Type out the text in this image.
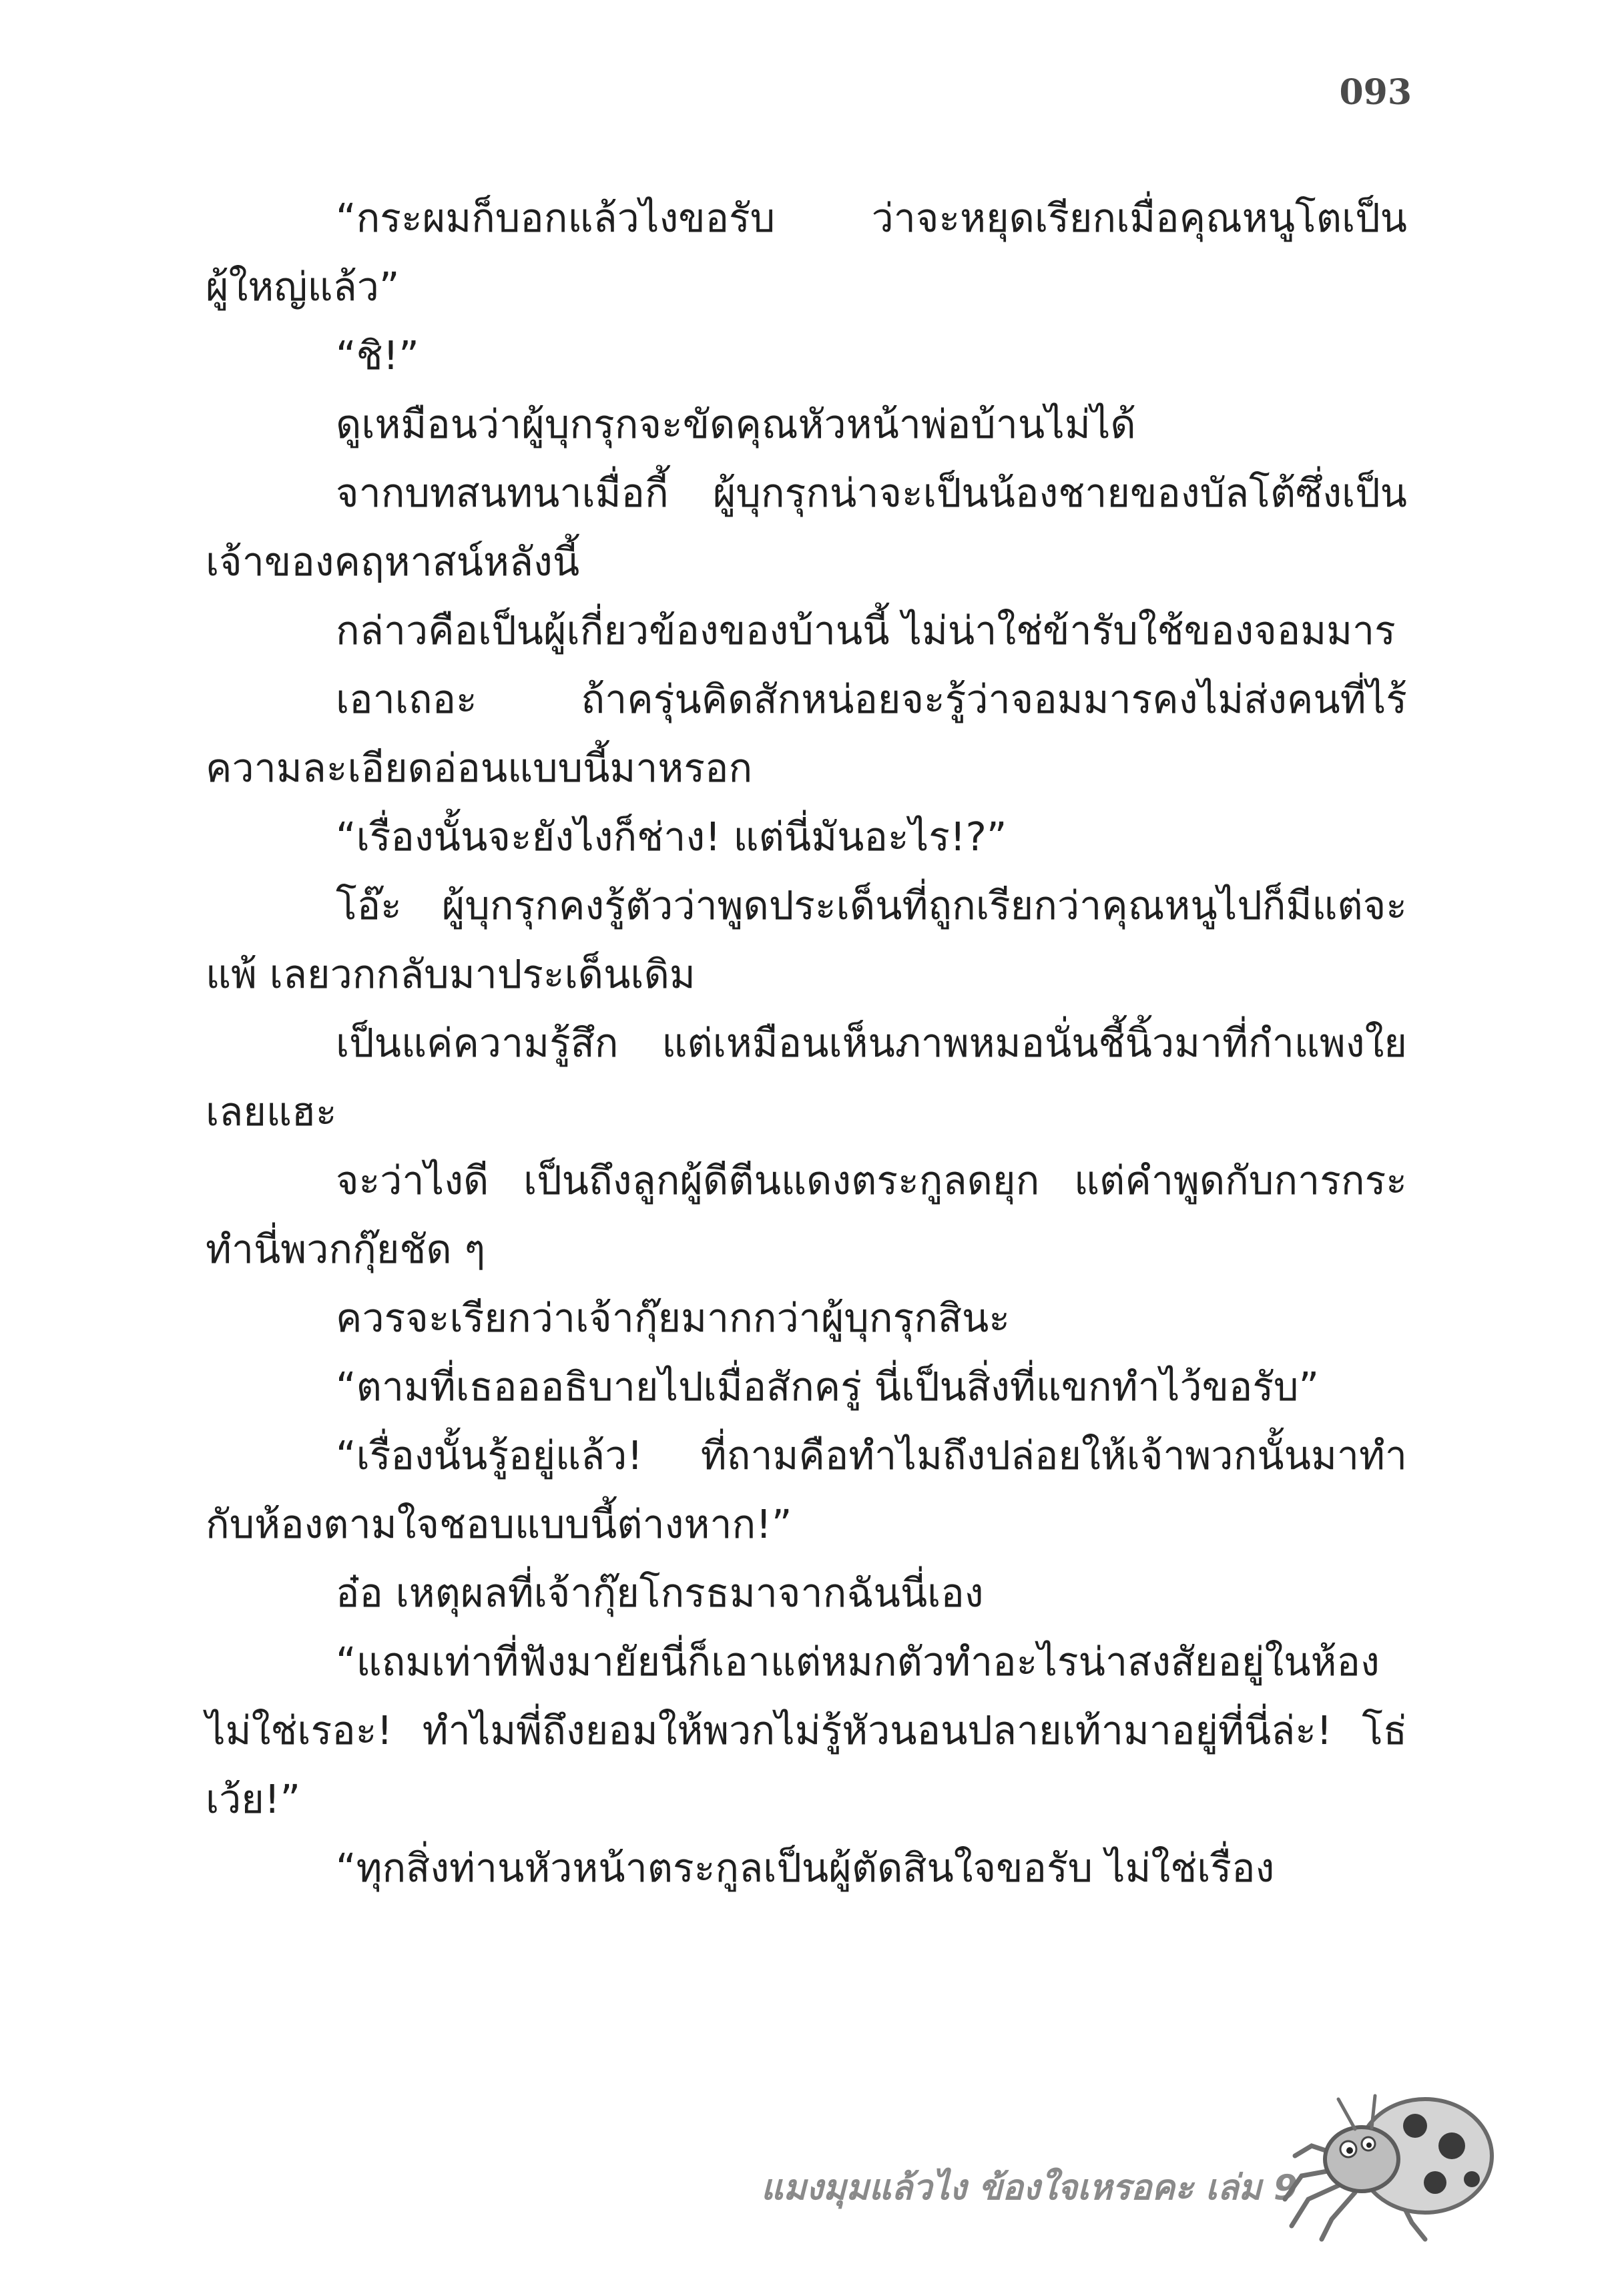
093

“กระผมก็บอกแล้วไงขอรับ ว่าจะหยุดเรียกเมื่อคุณหนูโตเป็นผู้ใหญ่แล้ว”

“ชิ!”

ดูเหมือนว่าผู้บุกรุกจะขัดคุณหัวหน้าพ่อบ้านไม่ได้

จากบทสนทนาเมื่อกี้ ผู้บุกรุกน่าจะเป็นน้องชายของบัลโต้ซึ่งเป็นเจ้าของคฤหาสน์หลังนี้

กล่าวคือเป็นผู้เกี่ยวข้องของบ้านนี้ ไม่น่าใช่ข้ารับใช้ของจอมมาร

เอาเถอะ ถ้าครุ่นคิดสักหน่อยจะรู้ว่าจอมมารคงไม่ส่งคนที่ไร้ความละเอียดอ่อนแบบนี้มาหรอก

“เรื่องนั้นจะยังไงก็ช่าง! แต่นี่มันอะไร!?”

โอ๊ะ ผู้บุกรุกคงรู้ตัวว่าพูดประเด็นที่ถูกเรียกว่าคุณหนูไปก็มีแต่จะแพ้ เลยวกกลับมาประเด็นเดิม

เป็นแค่ความรู้สึก แต่เหมือนเห็นภาพหมอนั่นชี้นิ้วมาที่กำแพงใยเลยแฮะ

จะว่าไงดี เป็นถึงลูกผู้ดีตีนแดงตระกูลดยุก แต่คำพูดกับการกระทำนี่พวกกุ๊ยชัด ๆ

ควรจะเรียกว่าเจ้ากุ๊ยมากกว่าผู้บุกรุกสินะ

“ตามที่เธอออธิบายไปเมื่อสักครู่ นี่เป็นสิ่งที่แขกทำไว้ขอรับ”

“เรื่องนั้นรู้อยู่แล้ว! ที่ถามคือทำไมถึงปล่อยให้เจ้าพวกนั้นมาทำกับห้องตามใจชอบแบบนี้ต่างหาก!”

อ๋อ เหตุผลที่เจ้ากุ๊ยโกรธมาจากฉันนี่เอง

“แถมเท่าที่ฟังมายัยนี่ก็เอาแต่หมกตัวทำอะไรน่าสงสัยอยู่ในห้องไม่ใช่เรอะ! ทำไมพี่ถึงยอมให้พวกไม่รู้หัวนอนปลายเท้ามาอยู่ที่นี่ล่ะ! โธ่เว้ย!”

“ทุกสิ่งท่านหัวหน้าตระกูลเป็นผู้ตัดสินใจขอรับ ไม่ใช่เรื่อง

แมงมุมแล้วไง ข้องใจเหรอคะ เล่ม 9
